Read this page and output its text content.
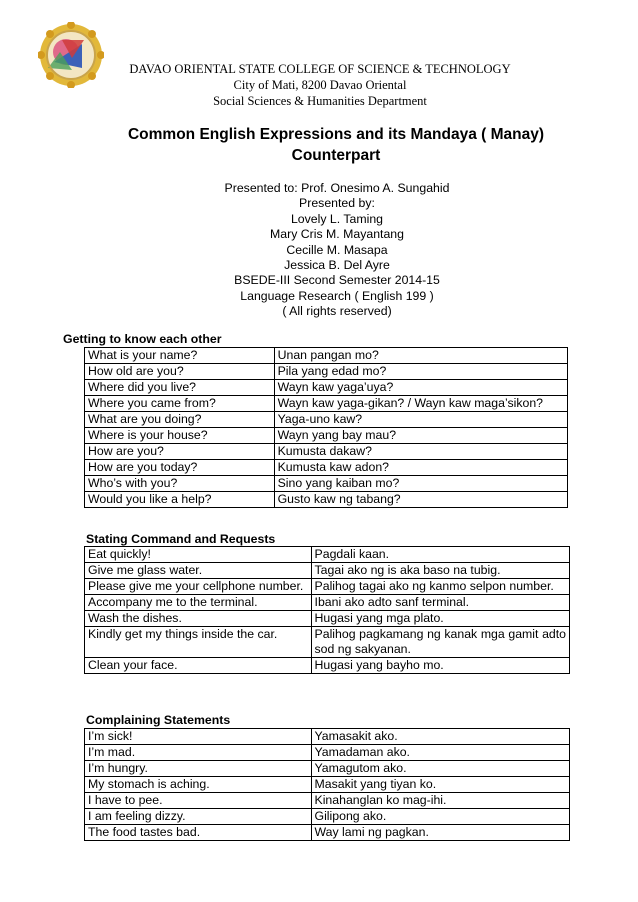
DAVAO ORIENTAL STATE COLLEGE OF SCIENCE & TECHNOLOGY
City of Mati, 8200 Davao Oriental
Social Sciences & Humanities Department
Common English Expressions and its Mandaya ( Manay)
Counterpart
Presented to: Prof. Onesimo A. Sungahid
Presented by:
Lovely L. Taming
Mary Cris M. Mayantang
Cecille M. Masapa
Jessica B. Del Ayre
BSEDE-III Second Semester 2014-15
Language Research ( English 199 )
( All rights reserved)
Getting to know each other
What is your name?	Unan pangan mo?
How old are you?	Pila yang edad mo?
Where did you live?	Wayn kaw yaga’uya?
Where you came from?	Wayn kaw yaga-gikan? / Wayn kaw maga’sikon?
What are you doing?	Yaga-uno kaw?
Where is your house?	Wayn yang bay mau?
How are you?	Kumusta dakaw?
How are you today?	Kumusta kaw adon?
Who’s with you?	Sino yang kaiban mo?
Would you like a help?	Gusto kaw ng tabang?
Stating Command and Requests
Eat quickly!	Pagdali kaan.
Give me glass water.	Tagai ako ng is aka baso na tubig.
Please give me your cellphone number.	Palihog tagai ako ng kanmo selpon number.
Accompany me to the terminal.	Ibani ako adto sanf terminal.
Wash the dishes.	Hugasi yang mga plato.
Kindly get my things inside the car.	Palihog pagkamang ng kanak mga gamit adto sod ng sakyanan.
Clean your face.	Hugasi yang bayho mo.
Complaining Statements
I’m sick!	Yamasakit ako.
I’m mad.	Yamadaman ako.
I’m hungry.	Yamagutom ako.
My stomach is aching.	Masakit yang tiyan ko.
I have to pee.	Kinahanglan ko mag-ihi.
I am feeling dizzy.	Gilipong ako.
The food tastes bad.	Way lami ng pagkan.
